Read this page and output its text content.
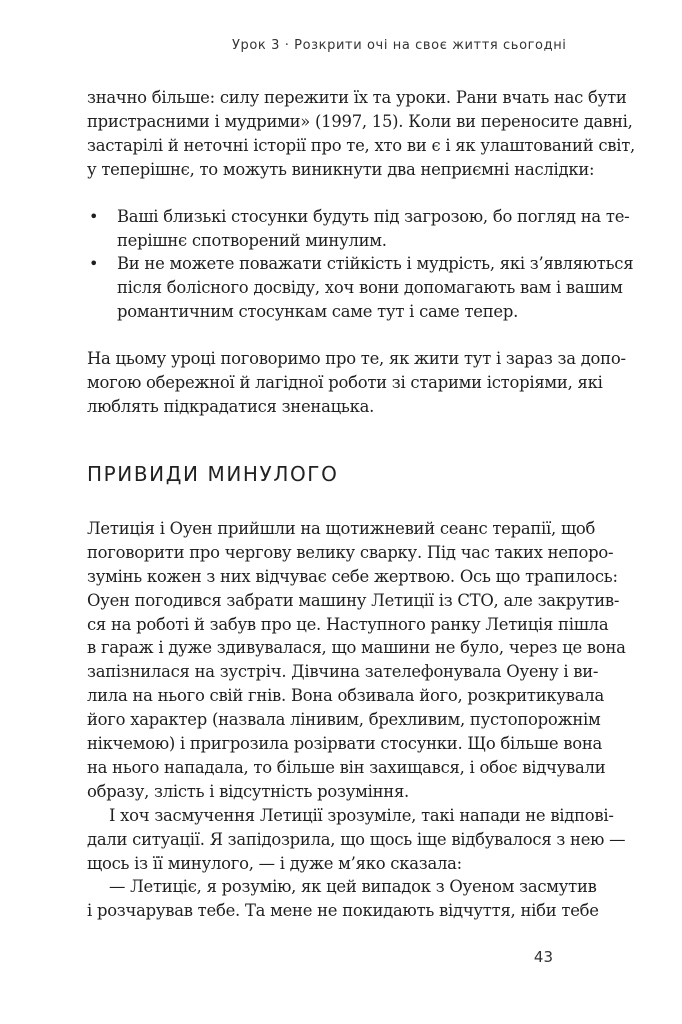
Урок 3 · Розкрити очі на своє життя сьогодні

значно більше: силу пережити їх та уроки. Рани вчать нас бути
пристрасними і мудрими» (1997, 15). Коли ви переносите давні,
застарілі й неточні історії про те, хто ви є і як улаштований світ,
у теперішнє, то можуть виникнути два неприємні наслідки:

• Ваші близькі стосунки будуть під загрозою, бо погляд на те-
перішнє спотворений минулим.
• Ви не можете поважати стійкість і мудрість, які з’являються
після болісного досвіду, хоч вони допомагають вам і вашим
романтичним стосункам саме тут і саме тепер.

На цьому уроці поговоримо про те, як жити тут і зараз за допо-
могою обережної й лагідної роботи зі старими історіями, які
люблять підкрадатися зненацька.

ПРИВИДИ МИНУЛОГО

Летиція і Оуен прийшли на щотижневий сеанс терапії, щоб
поговорити про чергову велику сварку. Під час таких непоро-
зумінь кожен з них відчуває себе жертвою. Ось що трапилось:
Оуен погодився забрати машину Летиції із СТО, але закрутив-
ся на роботі й забув про це. Наступного ранку Летиція пішла
в гараж і дуже здивувалася, що машини не було, через це вона
запізнилася на зустріч. Дівчина зателефонувала Оуену і ви-
лила на нього свій гнів. Вона обзивала його, розкритикувала
його характер (назвала лінивим, брехливим, пустопорожнім
нікчемою) і пригрозила розірвати стосунки. Що більше вона
на нього нападала, то більше він захищався, і обоє відчували
образу, злість і відсутність розуміння.

І хоч засмучення Летиції зрозуміле, такі напади не відпові-
дали ситуації. Я запідозрила, що щось іще відбувалося з нею —
щось із її минулого, — і дуже м’яко сказала:

— Летиціє, я розумію, як цей випадок з Оуеном засмутив
і розчарував тебе. Та мене не покидають відчуття, ніби тебе

43
